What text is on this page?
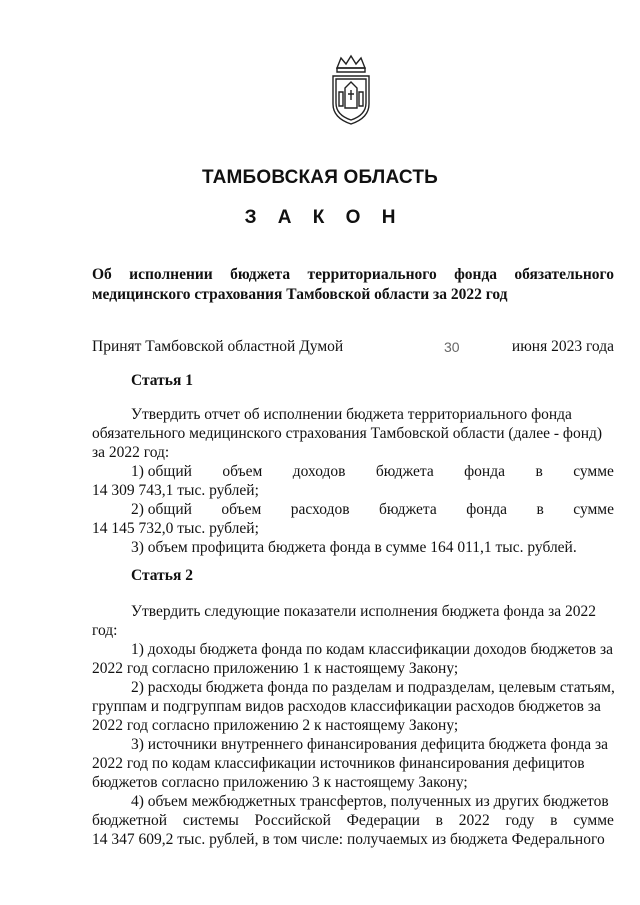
ТАМБОВСКАЯ ОБЛАСТЬ
З А К О Н
Об исполнении бюджета территориального фонда обязательного
медицинского страхования Тамбовской области за 2022 год
Принят Тамбовской областной Думой	30	июня 2023 года
Статья 1
Утвердить отчет об исполнении бюджета территориального фонда
обязательного медицинского страхования Тамбовской области (далее - фонд)
за 2022 год:
1) общий объем доходов бюджета фонда в сумме
14 309 743,1 тыс. рублей;
2) общий объем расходов бюджета фонда в сумме
14 145 732,0 тыс. рублей;
3) объем профицита бюджета фонда в сумме 164 011,1 тыс. рублей.
Статья 2
Утвердить следующие показатели исполнения бюджета фонда за 2022
год:
1) доходы бюджета фонда по кодам классификации доходов бюджетов за
2022 год согласно приложению 1 к настоящему Закону;
2) расходы бюджета фонда по разделам и подразделам, целевым статьям,
группам и подгруппам видов расходов классификации расходов бюджетов за
2022 год согласно приложению 2 к настоящему Закону;
3) источники внутреннего финансирования дефицита бюджета фонда за
2022 год по кодам классификации источников финансирования дефицитов
бюджетов согласно приложению 3 к настоящему Закону;
4) объем межбюджетных трансфертов, полученных из других бюджетов
бюджетной системы Российской Федерации в 2022 году в сумме
14 347 609,2 тыс. рублей, в том числе: получаемых из бюджета Федерального
